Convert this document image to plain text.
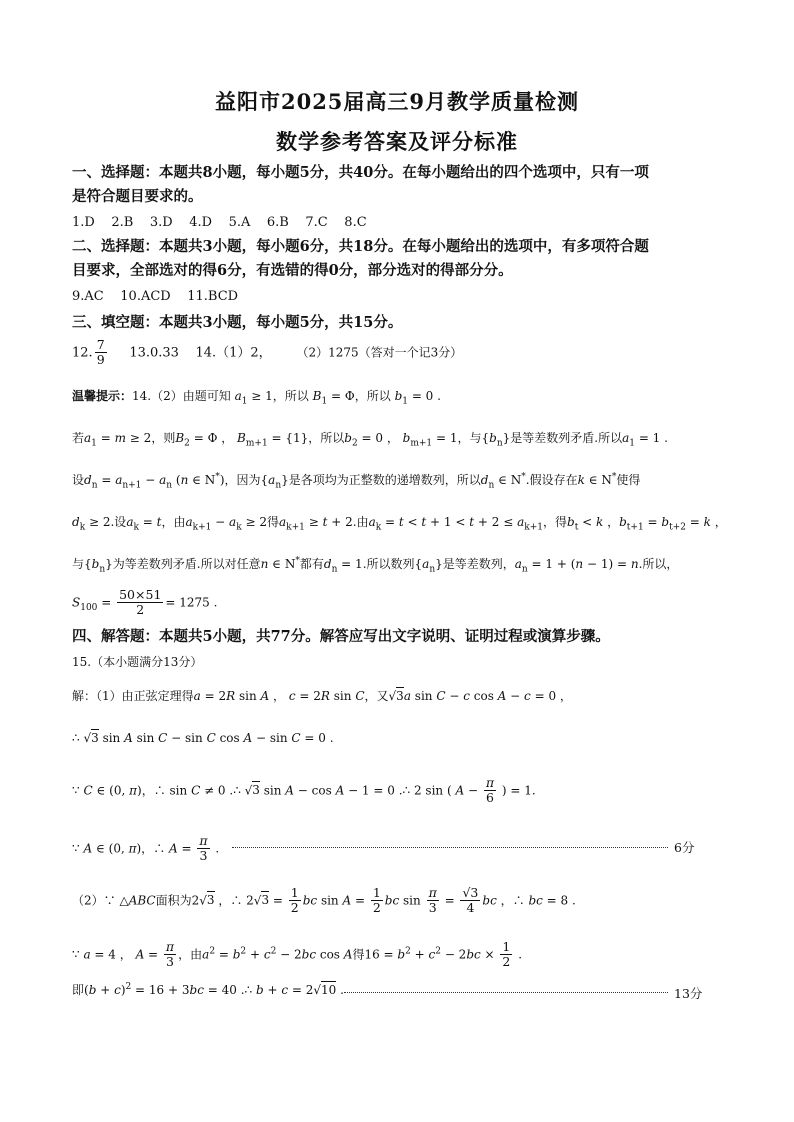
益阳市2025届高三9月教学质量检测
数学参考答案及评分标准
一、选择题：本题共8小题，每小题5分，共40分。在每小题给出的四个选项中，只有一项
是符合题目要求的。
1.D 2.B 3.D 4.D 5.A 6.B 7.C 8.C
二、选择题：本题共3小题，每小题6分，共18分。在每小题给出的选项中，有多项符合题
目要求，全部选对的得6分，有选错的得0分，部分选对的得部分分。
9.AC 10.ACD 11.BCD
三、填空题：本题共3小题，每小题5分，共15分。
12. $\frac{7}{9} 13.0.33$ 14.（1）2， （2）1275（答对一个记3分）
温馨提示：14.（2）由题可知 $a_1 \ge 1$，所以 $B_1 = \Phi$，所以 $b_1 = 0$ .
若$a_1 = m \ge 2$，则$B_2 = \Phi$ ， $B_{m+1} = \{1\}$，所以$b_2 = 0$ ， $b_{m+1} = 1$，与$\{b_n\}$是等差数列矛盾.所以$a_1 = 1$ .
设$d_n = a_{n+1} - a_n$ (n ∈ N*)，因为$\{a_n\}$是各项均为正整数的递增数列，所以$d_n$ ∈ N*.假设存在k ∈ N*使得
$d_k \ge 2$.设$a_k = t$，由$a_{k+1} - a_k \ge 2$得$a_{k+1} \ge t + 2$.由$a_k = t < t + 1 < t + 2 \le a_{k+1}$，得$b_t < k$ ，$b_{t+1} = b_{t+2} = k$ ，
与$\{b_n\}$为等差数列矛盾.所以对任意n ∈ N*都有$d_n = 1$.所以数列$\{a_n\}$是等差数列，$a_n = 1 + (n - 1) = n$.所以，
$S_{100} = \frac{50\times 51}{2} = 1275$ .
四、解答题：本题共5小题，共77分。解答应写出文字说明、证明过程或演算步骤。
15.（本小题满分13分）
解：（1）由正弦定理得a = 2R sin A ， c = 2R sin C，又√3a sin C − c cos A − c = 0 ，
∴ √3 sin A sin C − sin C cos A − sin C = 0 .
∵ C ∈ (0, π)，∴ sin C ≠ 0 .∴ √3 sin A − cos A − 1 = 0 .∴ 2 sin ( $A - \frac{\pi}{6}$ ) = 1.
∵ A ∈ (0, π)，∴ $A = \frac{\pi}{3}$ .	6分
（2）∵ △ABC面积为2√3 ，∴ $2√3 = \frac{1}{2}$ bc $\sin A = \frac{1}{2}$ bc $\sin \frac{\pi}{3} = \frac{√3}{4}$ bc ，∴ bc = 8 .
∵ a = 4 ， $A = \frac{\pi}{3}$ ，由$a^2 = b^2 + c^2 - 2bc$ cos A得$16 = b^2 + c^2 - 2bc \times \frac{1}{2}$ .
即$(b + c)^2 = 16 + 3bc = 40$ .∴ b + c = 2√10 .	13分
